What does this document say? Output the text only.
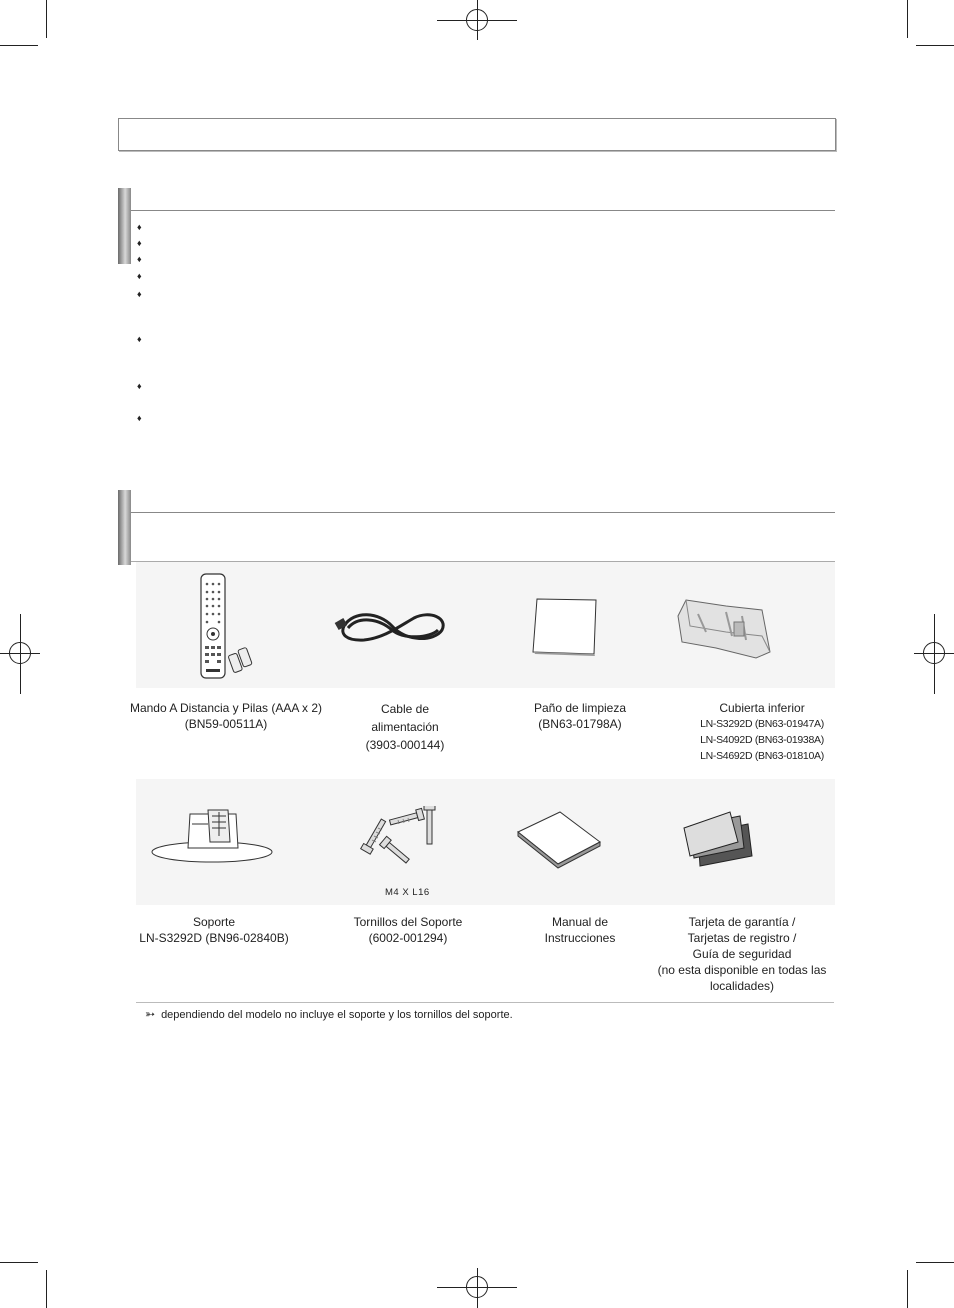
♦
♦
♦
♦
♦
♦
♦
♦
Mando A Distancia y Pilas (AAA x 2)
(BN59-00511A)
Cable de
alimentación
(3903-000144)
Paño de limpieza
(BN63-01798A)
Cubierta inferior
LN-S3292D (BN63-01947A)
LN-S4092D (BN63-01938A)
LN-S4692D (BN63-01810A)
M4 X L16
Soporte
LN-S3292D (BN96-02840B)
Tornillos del Soporte
(6002-001294)
Manual de
Instrucciones
Tarjeta de garantía /
Tarjetas de registro /
Guía de seguridad
(no esta disponible en todas las
localidades)
➳ dependiendo del modelo no incluye el soporte y los tornillos del soporte.
